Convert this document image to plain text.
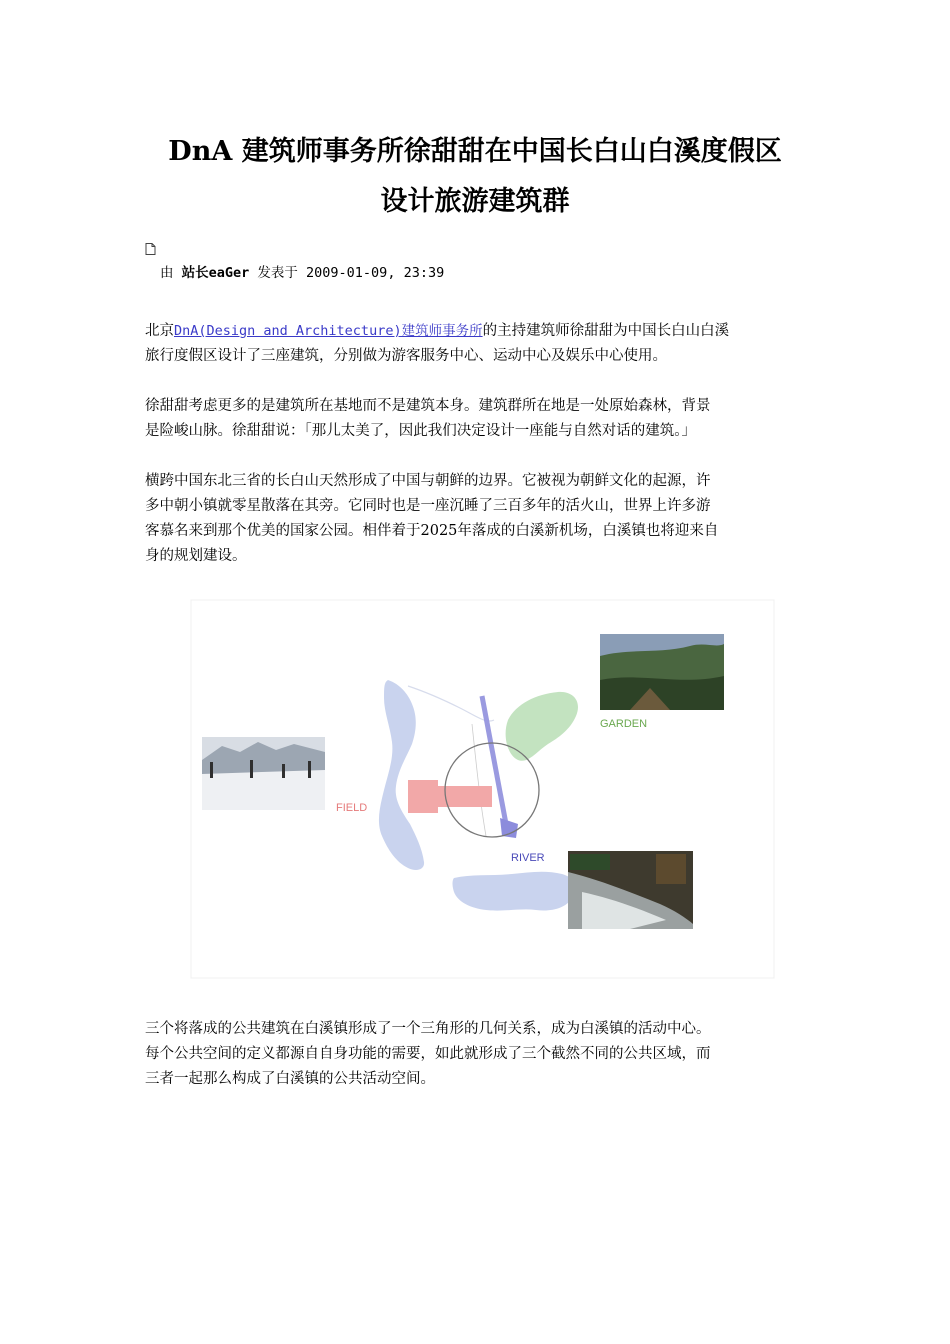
DnA 建筑师事务所徐甜甜在中国长白山白溪度假区
设计旅游建筑群
由 站长eaGer 发表于 2009-01-09, 23:39
北京DnA(Design and Architecture)建筑师事务所的主持建筑师徐甜甜为中国长白山白溪
旅行度假区设计了三座建筑，分别做为游客服务中心、运动中心及娱乐中心使用。
徐甜甜考虑更多的是建筑所在基地而不是建筑本身。建筑群所在地是一处原始森林，背景
是险峻山脉。徐甜甜说：「那儿太美了，因此我们决定设计一座能与自然对话的建筑。」
横跨中国东北三省的长白山天然形成了中国与朝鲜的边界。它被视为朝鲜文化的起源，许
多中朝小镇就零星散落在其旁。它同时也是一座沉睡了三百多年的活火山，世界上许多游
客慕名来到那个优美的国家公园。相伴着于2025年落成的白溪新机场，白溪镇也将迎来自
身的规划建设。
GARDEN
FIELD
RIVER
三个将落成的公共建筑在白溪镇形成了一个三角形的几何关系，成为白溪镇的活动中心。
每个公共空间的定义都源自自身功能的需要，如此就形成了三个截然不同的公共区域，而
三者一起那么构成了白溪镇的公共活动空间。
